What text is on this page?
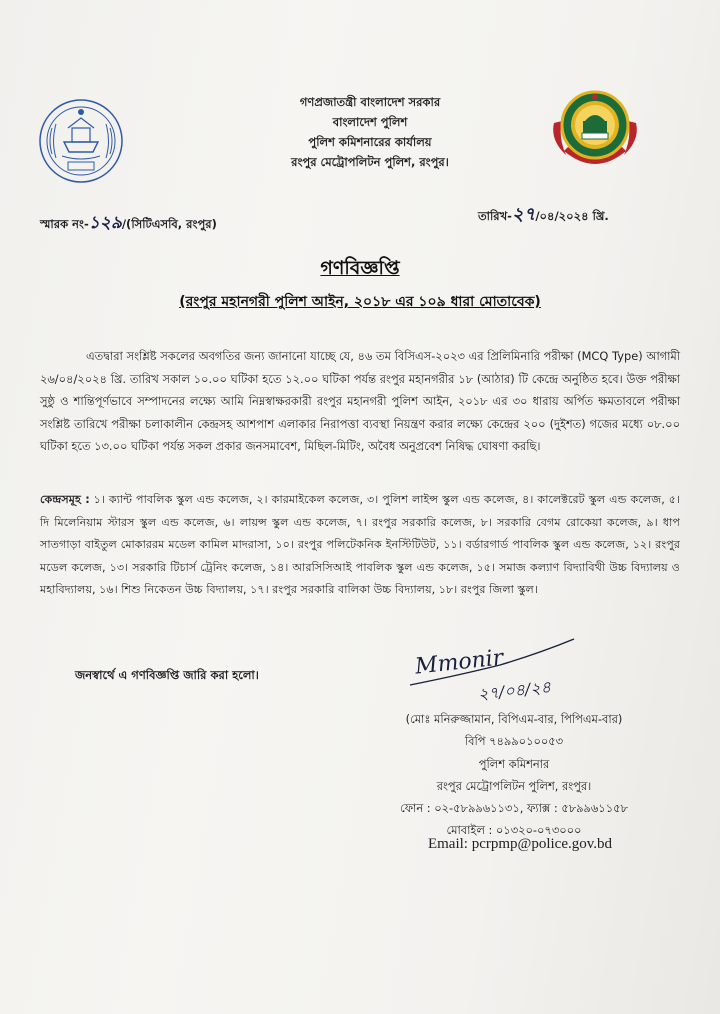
গণপ্রজাতন্ত্রী বাংলাদেশ সরকার
বাংলাদেশ পুলিশ
পুলিশ কমিশনারের কার্যালয়
রংপুর মেট্রোপলিটন পুলিশ, রংপুর।
স্মারক নং-১২৯/(সিটিএসবি, রংপুর)
তারিখ-২৭/০৪/২০২৪ খ্রি.
গণবিজ্ঞপ্তি
(রংপুর মহানগরী পুলিশ আইন, ২০১৮ এর ১০৯ ধারা মোতাবেক)
এতদ্বারা সংশ্লিষ্ট সকলের অবগতির জন্য জানানো যাচ্ছে যে, ৪৬ তম বিসিএস-২০২৩ এর প্রিলিমিনারি পরীক্ষা (MCQ Type) আগামী ২৬/০৪/২০২৪ খ্রি. তারিখ সকাল ১০.০০ ঘটিকা হতে ১২.০০ ঘটিকা পর্যন্ত রংপুর মহানগরীর ১৮ (আঠার) টি কেন্দ্রে অনুষ্ঠিত হবে। উক্ত পরীক্ষা সুষ্ঠু ও শান্তিপূর্ণভাবে সম্পাদনের লক্ষ্যে আমি নিম্নস্বাক্ষরকারী রংপুর মহানগরী পুলিশ আইন, ২০১৮ এর ৩০ ধারায় অর্পিত ক্ষমতাবলে পরীক্ষা সংশ্লিষ্ট তারিখে পরীক্ষা চলাকালীন কেন্দ্রসহ আশপাশ এলাকার নিরাপত্তা ব্যবস্থা নিয়ন্ত্রণ করার লক্ষ্যে কেন্দ্রের ২০০ (দুইশত) গজের মধ্যে ০৮.০০ ঘটিকা হতে ১৩.০০ ঘটিকা পর্যন্ত সকল প্রকার জনসমাবেশ, মিছিল-মিটিং, অবৈধ অনুপ্রবেশ নিষিদ্ধ ঘোষণা করছি।
কেন্দ্রসমূহ : ১। ক্যান্ট পাবলিক স্কুল এন্ড কলেজ, ২। কারমাইকেল কলেজ, ৩। পুলিশ লাইন্স স্কুল এন্ড কলেজ, ৪। কালেক্টরেট স্কুল এন্ড কলেজ, ৫। দি মিলেনিয়াম স্টারস স্কুল এন্ড কলেজ, ৬। লায়ন্স স্কুল এন্ড কলেজ, ৭। রংপুর সরকারি কলেজ, ৮। সরকারি বেগম রোকেয়া কলেজ, ৯। ধাপ সাতগাড়া বাইতুল মোকাররম মডেল কামিল মাদরাসা, ১০। রংপুর পলিটেকনিক ইনস্টিটিউট, ১১। বর্ডারগার্ড পাবলিক স্কুল এন্ড কলেজ, ১২। রংপুর মডেল কলেজ, ১৩। সরকারি টিচার্স ট্রেনিং কলেজ, ১৪। আরসিসিআই পাবলিক স্কুল এন্ড কলেজ, ১৫। সমাজ কল্যাণ বিদ্যাবিথী উচ্চ বিদ্যালয় ও মহাবিদ্যালয়, ১৬। শিশু নিকেতন উচ্চ বিদ্যালয়, ১৭। রংপুর সরকারি বালিকা উচ্চ বিদ্যালয়, ১৮। রংপুর জিলা স্কুল।
জনস্বার্থে এ গণবিজ্ঞপ্তি জারি করা হলো।	Mmonir
২৭/০৪/২৪
(মোঃ মনিরুজ্জামান, বিপিএম-বার, পিপিএম-বার)
বিপি ৭৪৯৯০১০০৫৩
পুলিশ কমিশনার
রংপুর মেট্রোপলিটন পুলিশ, রংপুর।
ফোন : ০২-৫৮৯৯৬১১৩১, ফ্যাক্স : ৫৮৯৯৬১১৫৮
মোবাইল : ০১৩২০-০৭৩০০০
Email: pcrpmp@police.gov.bd
